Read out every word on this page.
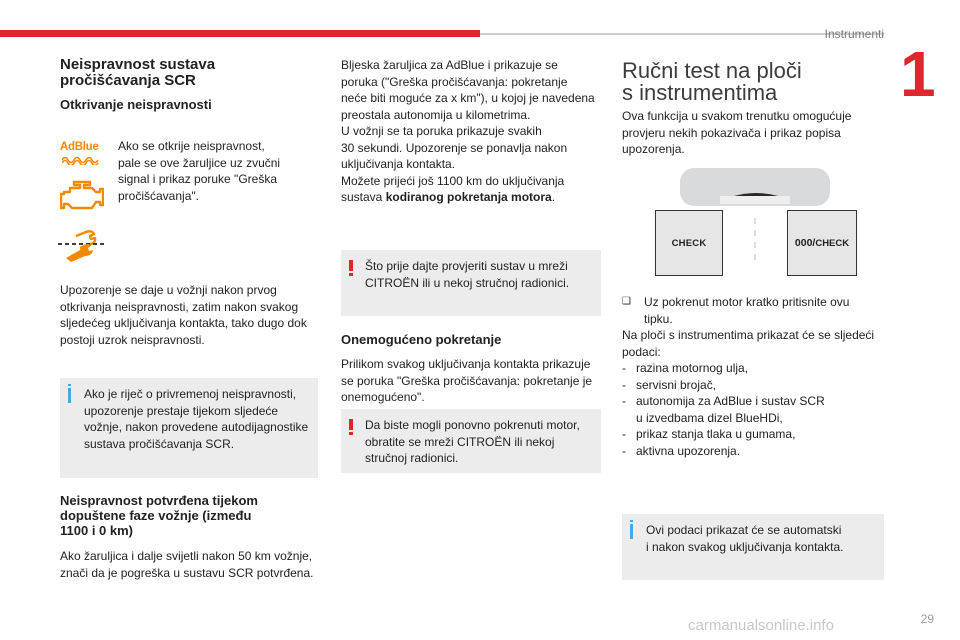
Instrumenti
1
29
carmanualsonline.info
Neispravnost sustava
pročišćavanja SCR
Otkrivanje neispravnosti
AdBlue	Ako se otkrije neispravnost,

pale se ove žaruljice uz zvučni

signal i prikaz poruke "Greška

pročišćavanja".

Upozorenje se daje u vožnji nakon prvog

otkrivanja neispravnosti, zatim nakon svakog

sljedećeg uključivanja kontakta, tako dugo dok

postoji uzrok neispravnosti.

Ako je riječ o privremenoj neispravnosti,

upozorenje prestaje tijekom sljedeće

vožnje, nakon provedene autodijagnostike

sustava pročišćavanja SCR.

Neispravnost potvrđena tijekom
dopuštene faze vožnje (između
1100 i 0 km)

Ako žaruljica i dalje svijetli nakon 50 km vožnje,

znači da je pogreška u sustavu SCR potvrđena.

Bljeska žaruljica za AdBlue i prikazuje se

poruka ("Greška pročišćavanja: pokretanje

neće biti moguće za x km"), u kojoj je navedena

preostala autonomija u kilometrima.

U vožnji se ta poruka prikazuje svakih

30 sekundi. Upozorenje se ponavlja nakon

uključivanja kontakta.

Možete prijeći još 1100 km do uključivanja

sustava kodiranog pokretanja motora.

Što prije dajte provjeriti sustav u mreži

CITROËN ili u nekoj stručnoj radionici.

Onemogućeno pokretanje

Prilikom svakog uključivanja kontakta prikazuje

se poruka "Greška pročišćavanja: pokretanje je

onemogućeno".

Da biste mogli ponovno pokrenuti motor,

obratite se mreži CITROËN ili nekoj

stručnoj radionici.

Ručni test na ploči
s instrumentima

Ova funkcija u svakom trenutku omogućuje

provjeru nekih pokazivača i prikaz popisa

upozorenja.

CHECK	000/ CHECK
❑	Uz pokrenut motor kratko pritisnite ovu

tipku.

Na ploči s instrumentima prikazat će se sljedeći

podaci:

- razina motornog ulja,
- servisni brojač,
- autonomija za AdBlue i sustav SCR
u izvedbama dizel BlueHDi,
- prikaz stanja tlaka u gumama,
- aktivna upozorenja.

Ovi podaci prikazat će se automatski

i nakon svakog uključivanja kontakta.
